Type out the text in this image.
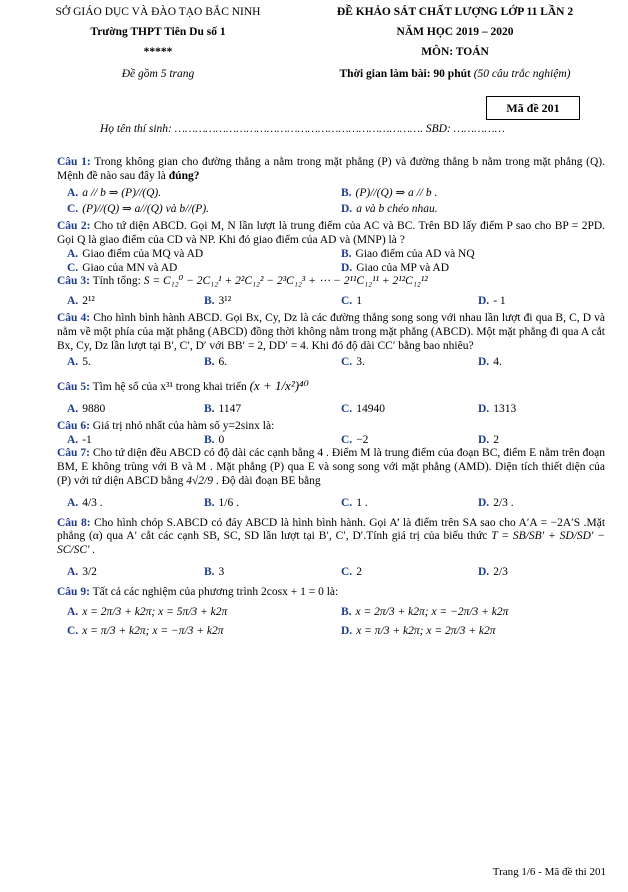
SỞ GIÁO DỤC VÀ ĐÀO TẠO BẮC NINH
Trường THPT Tiên Du số 1
*****
Đề gồm 5 trang
ĐỀ KHẢO SÁT CHẤT LƯỢNG LỚP 11 LẦN 2
NĂM HỌC 2019 – 2020
MÔN: TOÁN
Thời gian làm bài: 90 phút (50 câu trắc nghiệm)
Mã đề 201
Họ tên thí sinh: ………………………………………………………………. SBD: ……………

Câu 1: Trong không gian cho đường thẳng a nằm trong mặt phẳng (P) và đường thẳng b nằm trong mặt phẳng (Q). Mệnh đề nào sau đây là đúng?

A. a // b ⇒ (P)//(Q).	B. (P)//(Q) ⇒ a // b .
C. (P)//(Q) ⇒ a//(Q) và b//(P).	D. a và b chéo nhau.

Câu 2: Cho tứ diện ABCD. Gọi M, N lần lượt là trung điểm của AC và BC. Trên BD lấy điểm P sao cho BP = 2PD. Gọi Q là giao điểm của CD và NP. Khi đó giao điểm của AD và (MNP) là ?

A. Giao điểm của MQ và AD	B. Giao điểm của AD và NQ
C. Giao của MN và AD	D. Giao của MP và AD

Câu 3: Tính tổng: S = C₁₂⁰ − 2C₁₂¹ + 2²C₁₂² − 2³C₁₂³ + ⋯ − 2¹¹C₁₂¹¹ + 2¹²C₁₂¹²

A. 2¹²	B. 3¹²	C. 1	D. - 1

Câu 4: Cho hình bình hành ABCD. Gọi Bx, Cy, Dz là các đường thẳng song song với nhau lần lượt đi qua B, C, D và nằm về một phía của mặt phẳng (ABCD) đồng thời không nằm trong mặt phẳng (ABCD). Một mặt phẳng đi qua A cắt Bx, Cy, Dz lần lượt tại B′, C′, D′ với BB′ = 2, DD′ = 4. Khi đó độ dài CC′ bằng bao nhiêu?

A. 5.	B. 6.	C. 3.	D. 4.

Câu 5: Tìm hệ số của x³¹ trong khai triển (x + 1/x²)⁴⁰

A. 9880	B. 1147	C. 14940	D. 1313

Câu 6: Giá trị nhỏ nhất của hàm số y=2sinx là:

A. -1	B. 0	C. −2	D. 2

Câu 7: Cho tứ diện đều ABCD có độ dài các cạnh bằng 4 . Điểm M là trung điểm của đoạn BC, điểm E nằm trên đoạn BM, E không trùng với B và M . Mặt phẳng (P) qua E và song song với mặt phẳng (AMD). Diện tích thiết diện của (P) với tứ diện ABCD bằng 4√2/9 . Độ dài đoạn BE bằng

A. 4/3 .	B. 1/6 .	C. 1 .	D. 2/3 .

Câu 8: Cho hình chóp S.ABCD có đáy ABCD là hình bình hành. Gọi A’ là điểm trên SA sao cho A′A = −2A′S .Mặt phẳng (α) qua A′ cắt các cạnh SB, SC, SD lần lượt tại B′, C′, D′.Tính giá trị của biểu thức T = SB/SB′ + SD/SD′ − SC/SC′ .

A. 3/2	B. 3	C. 2	D. 2/3

Câu 9: Tất cả các nghiệm của phương trình 2cosx + 1 = 0 là:

A. x = 2π/3 + k2π; x = 5π/3 + k2π	B. x = 2π/3 + k2π; x = −2π/3 + k2π
C. x = π/3 + k2π; x = −π/3 + k2π	D. x = π/3 + k2π; x = 2π/3 + k2π
Trang 1/6 - Mã đề thi 201
